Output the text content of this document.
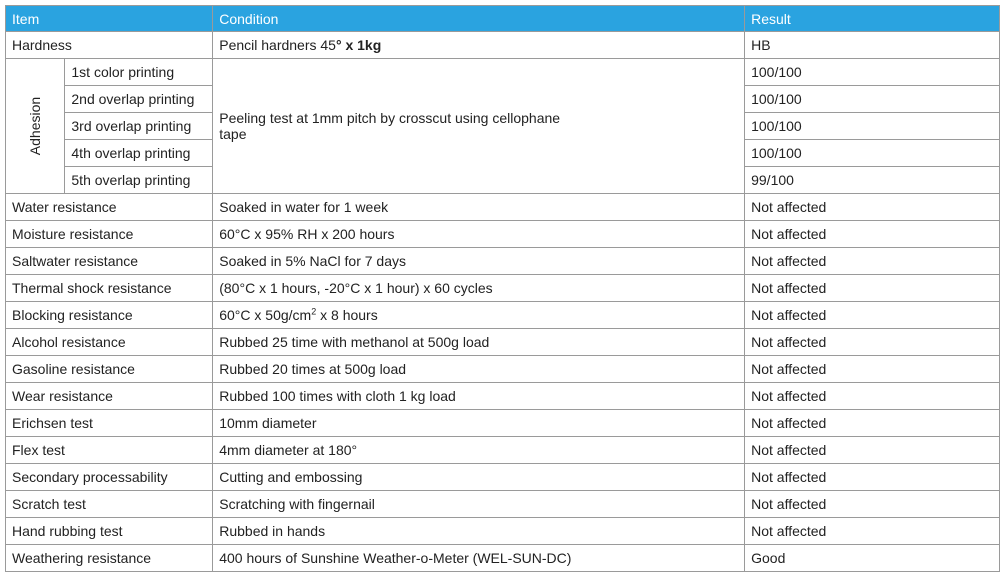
Item		Condition	Result
Hardness		Pencil hardners 45° x 1kg	HB
Adhesion	1st color printing	Peeling test at 1mm pitch by crosscut using cellophane tape	100/100
	2nd overlap printing		100/100
	3rd overlap printing		100/100
	4th overlap printing		100/100
	5th overlap printing		99/100
Water resistance		Soaked in water for 1 week	Not affected
Moisture resistance		60°C x 95% RH x 200 hours	Not affected
Saltwater resistance		Soaked in 5% NaCl for 7 days	Not affected
Thermal shock resistance		(80°C x 1 hours, -20°C x 1 hour) x 60 cycles	Not affected
Blocking resistance		60°C x $50g/cm^2$ x 8 hours	Not affected
Alcohol resistance		Rubbed 25 time with methanol at 500g load	Not affected
Gasoline resistance		Rubbed 20 times at 500g load	Not affected
Wear resistance		Rubbed 100 times with cloth 1 kg load	Not affected
Erichsen test		10mm diameter	Not affected
Flex test		4mm diameter at 180°	Not affected
Secondary processability		Cutting and embossing	Not affected
Scratch test		Scratching with fingernail	Not affected
Hand rubbing test		Rubbed in hands	Not affected
Weathering resistance		400 hours of Sunshine Weather-o-Meter (WEL-SUN-DC)	Good
